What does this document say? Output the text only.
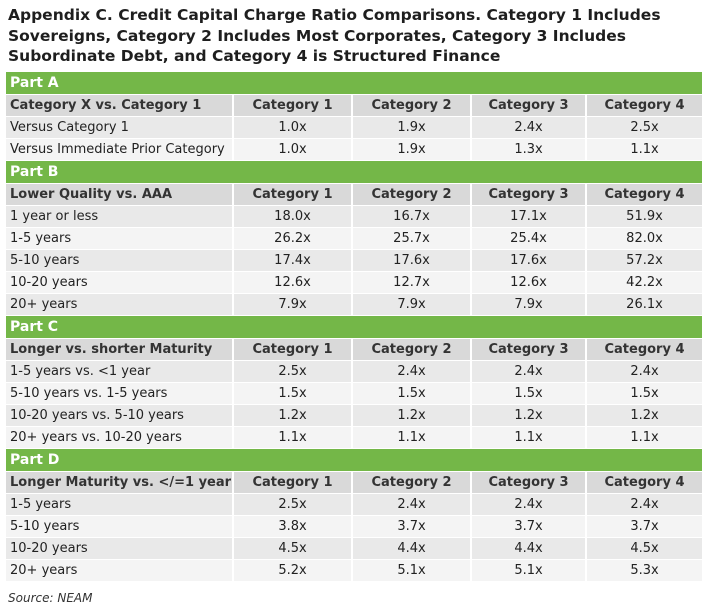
Appendix C. Credit Capital Charge Ratio Comparisons. Category 1 Includes Sovereigns, Category 2 Includes Most Corporates, Category 3 Includes Subordinate Debt, and Category 4 is Structured Finance
Part A
Category X vs. Category 1	Category 1	Category 2	Category 3	Category 4
Versus Category 1	1.0x	1.9x	2.4x	2.5x
Versus Immediate Prior Category	1.0x	1.9x	1.3x	1.1x
Part B
Lower Quality vs. AAA	Category 1	Category 2	Category 3	Category 4
1 year or less	18.0x	16.7x	17.1x	51.9x
1-5 years	26.2x	25.7x	25.4x	82.0x
5-10 years	17.4x	17.6x	17.6x	57.2x
10-20 years	12.6x	12.7x	12.6x	42.2x
20+ years	7.9x	7.9x	7.9x	26.1x
Part C
Longer vs. shorter Maturity	Category 1	Category 2	Category 3	Category 4
1-5 years vs. <1 year	2.5x	2.4x	2.4x	2.4x
5-10 years vs. 1-5 years	1.5x	1.5x	1.5x	1.5x
10-20 years vs. 5-10 years	1.2x	1.2x	1.2x	1.2x
20+ years vs. 10-20 years	1.1x	1.1x	1.1x	1.1x
Part D
Longer Maturity vs. </=1 year	Category 1	Category 2	Category 3	Category 4
1-5 years	2.5x	2.4x	2.4x	2.4x
5-10 years	3.8x	3.7x	3.7x	3.7x
10-20 years	4.5x	4.4x	4.4x	4.5x
20+ years	5.2x	5.1x	5.1x	5.3x
Source: NEAM
